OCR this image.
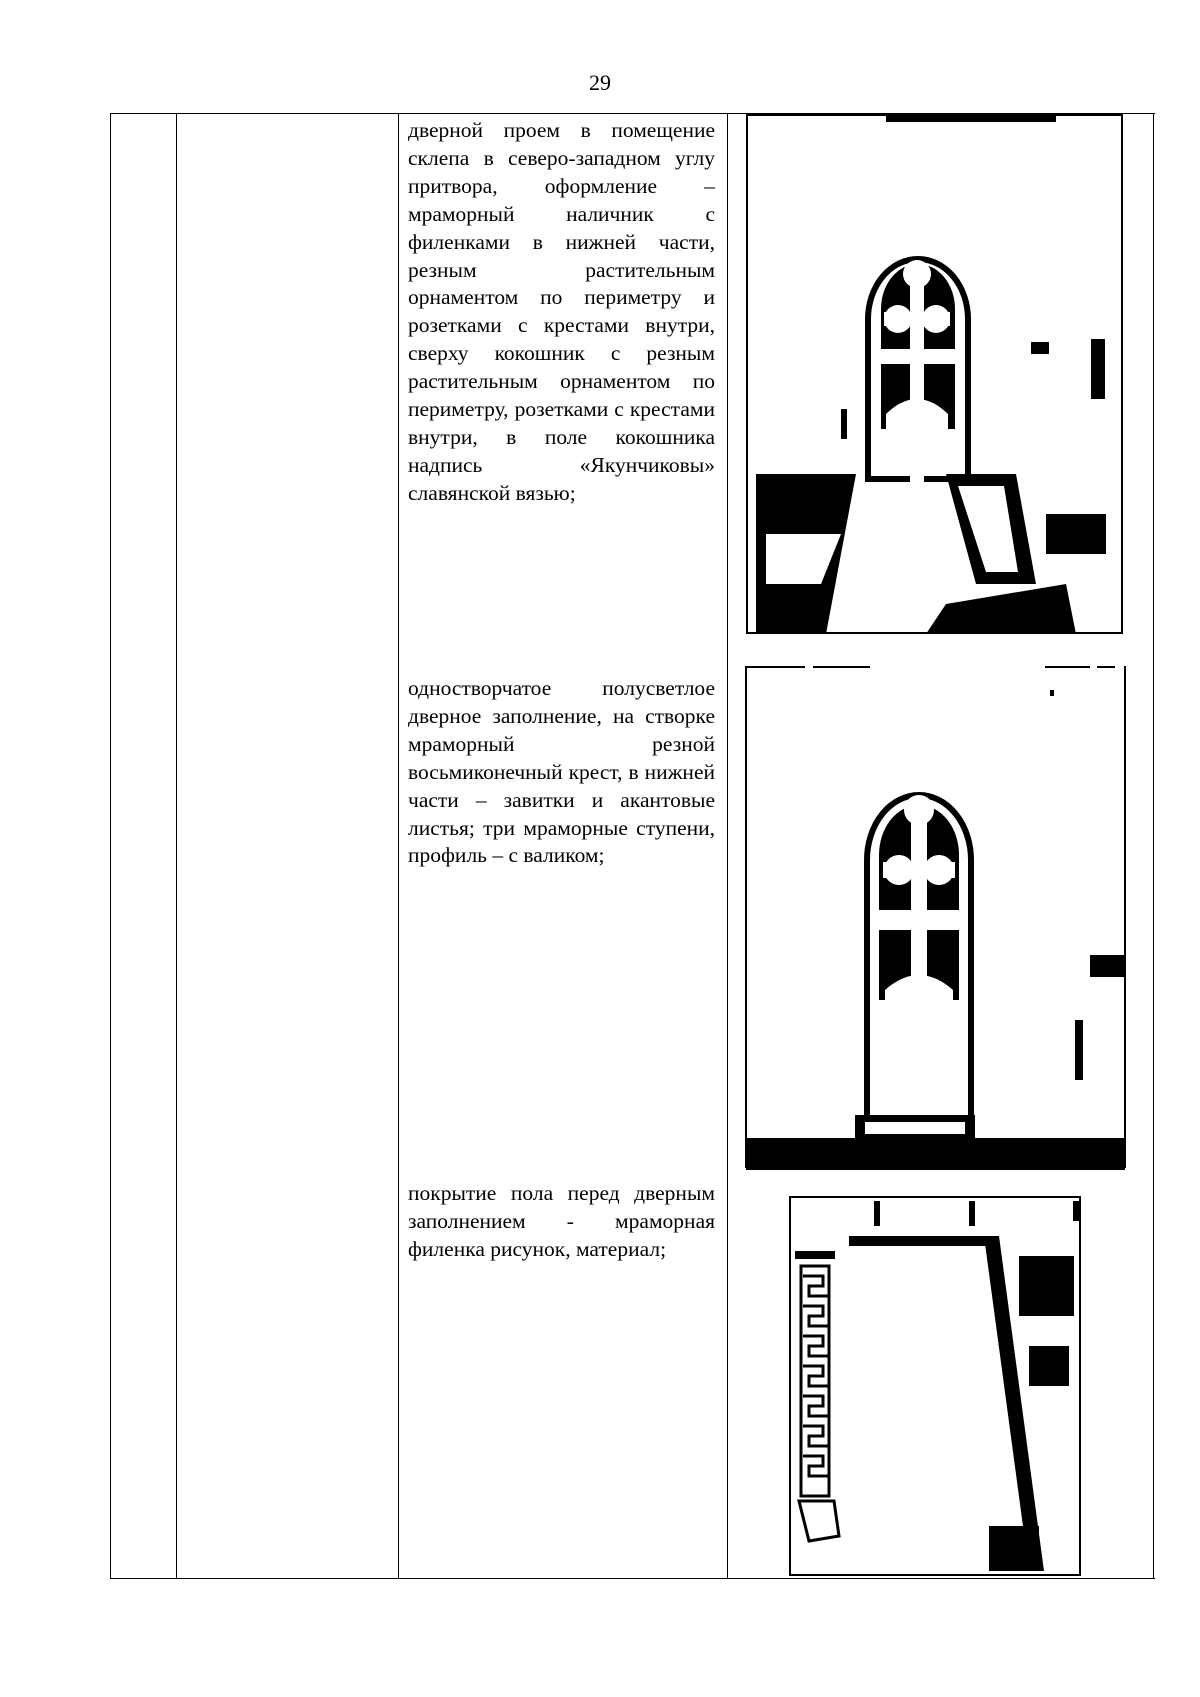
29

дверной проем в помещение склепа в северо-западном углу притвора, оформление – мраморный наличник с филенками в нижней части, резным растительным орнаментом по периметру и розетками с крестами внутри, сверху кокошник с резным растительным орнаментом по периметру, розетками с крестами внутри, в поле кокошника надпись «Якунчиковы» славянской вязью;

одностворчатое полусветлое дверное заполнение, на створке мраморный резной восьмиконечный крест, в нижней части – завитки и акантовые листья; три мраморные ступени, профиль – с валиком;

покрытие пола перед дверным заполнением - мраморная филенка рисунок, материал;
